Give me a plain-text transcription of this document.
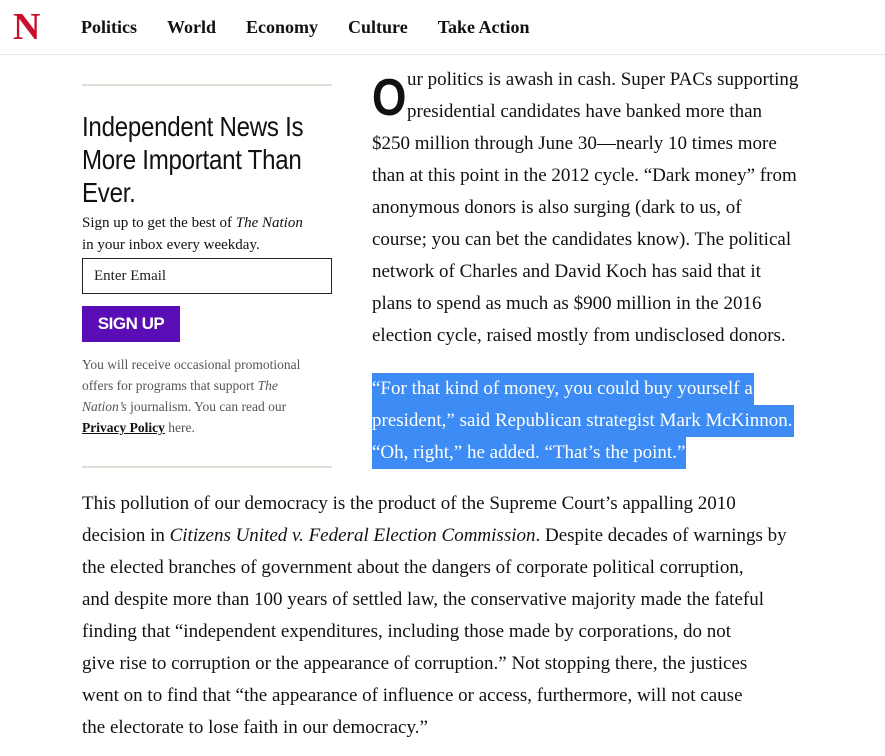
N Politics World Economy Culture Take Action
Independent News Is
More Important Than
Ever.
Sign up to get the best of The Nation
in your inbox every weekday.
Enter Email
SIGN UP
You will receive occasional promotional
offers for programs that support The
Nation’s journalism. You can read our
Privacy Policy here.
O ur politics is awash in cash. Super PACs supporting
presidential candidates have banked more than
$250 million through June 30—nearly 10 times more
than at this point in the 2012 cycle. “Dark money” from
anonymous donors is also surging (dark to us, of
course; you can bet the candidates know). The political
network of Charles and David Koch has said that it
plans to spend as much as $900 million in the 2016
election cycle, raised mostly from undisclosed donors.
“For that kind of money, you could buy yourself a
president,” said Republican strategist Mark McKinnon.
“Oh, right,” he added. “That’s the point.”
This pollution of our democracy is the product of the Supreme Court’s appalling 2010
decision in Citizens United v. Federal Election Commission. Despite decades of warnings by
the elected branches of government about the dangers of corporate political corruption,
and despite more than 100 years of settled law, the conservative majority made the fateful
finding that “independent expenditures, including those made by corporations, do not
give rise to corruption or the appearance of corruption.” Not stopping there, the justices
went on to find that “the appearance of influence or access, furthermore, will not cause
the electorate to lose faith in our democracy.”
